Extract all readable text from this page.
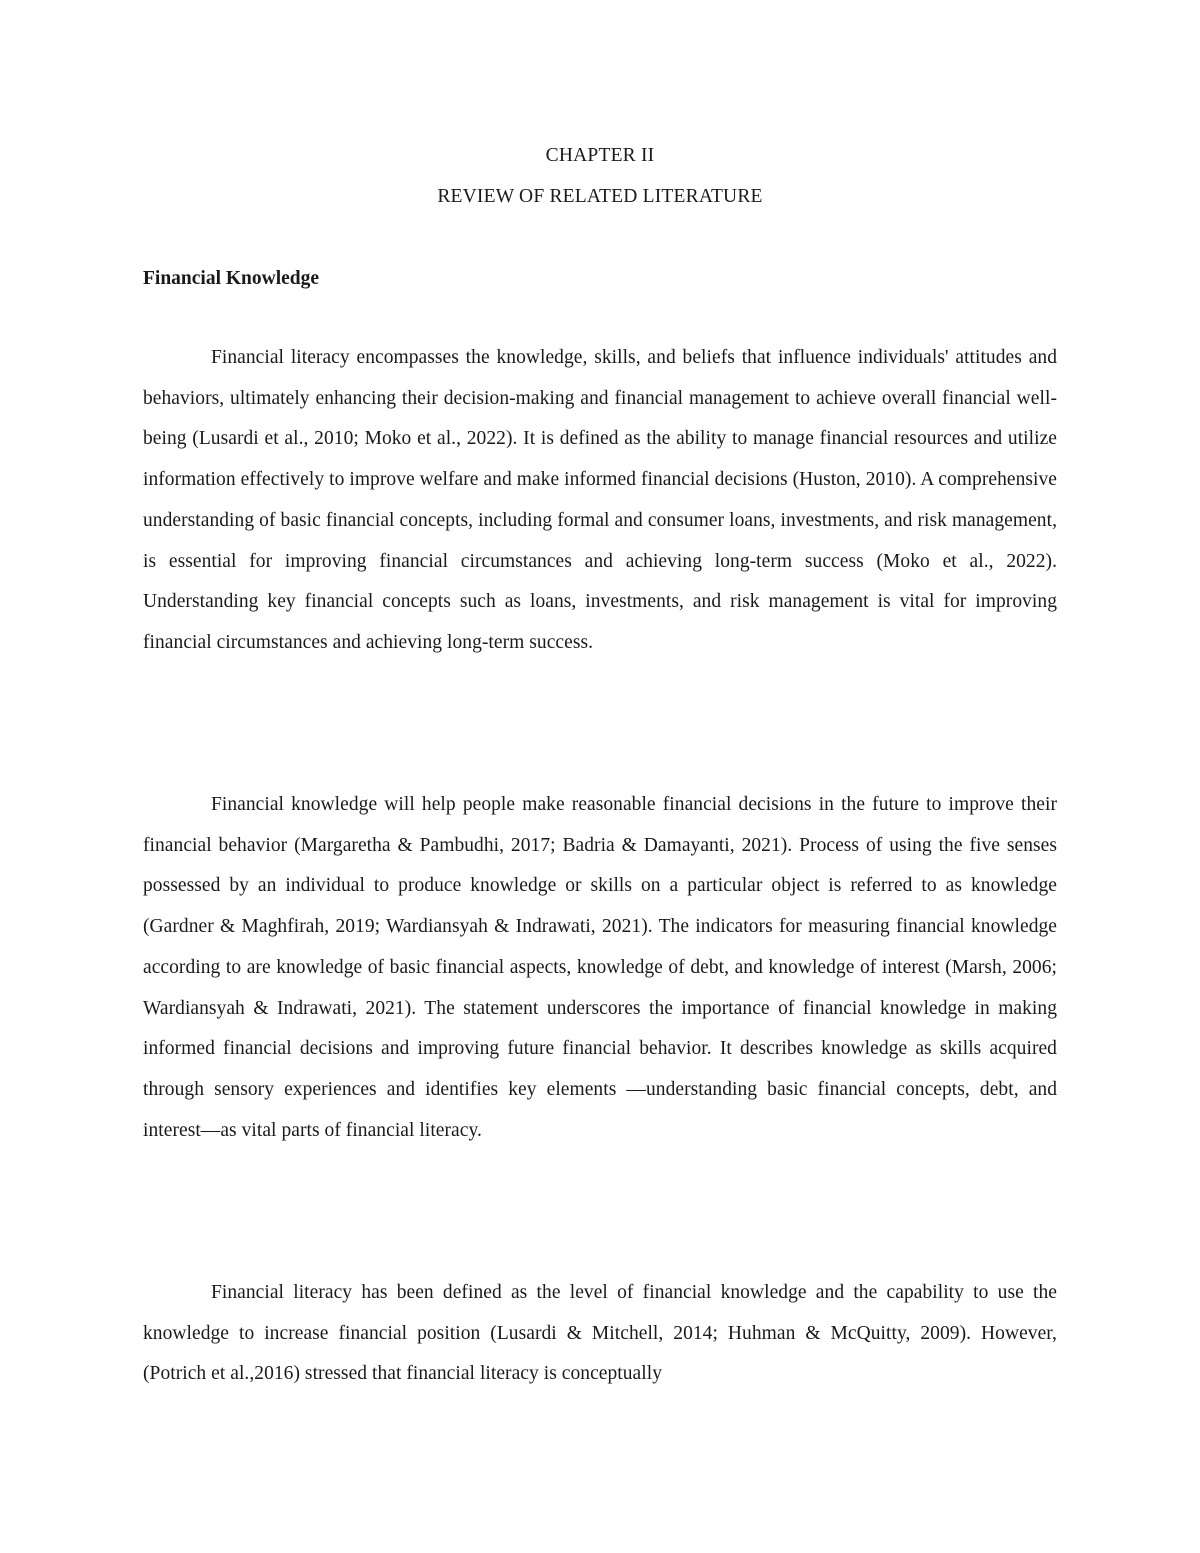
CHAPTER II
REVIEW OF RELATED LITERATURE
Financial Knowledge

Financial literacy encompasses the knowledge, skills, and beliefs that influence individuals' attitudes and behaviors, ultimately enhancing their decision-making and financial management to achieve overall financial well-being (Lusardi et al., 2010; Moko et al., 2022). It is defined as the ability to manage financial resources and utilize information effectively to improve welfare and make informed financial decisions (Huston, 2010). A comprehensive understanding of basic financial concepts, including formal and consumer loans, investments, and risk management, is essential for improving financial circumstances and achieving long-term success (Moko et al., 2022). Understanding key financial concepts such as loans, investments, and risk management is vital for improving financial circumstances and achieving long-term success.

Financial knowledge will help people make reasonable financial decisions in the future to improve their financial behavior (Margaretha & Pambudhi, 2017; Badria & Damayanti, 2021). Process of using the five senses possessed by an individual to produce knowledge or skills on a particular object is referred to as knowledge (Gardner & Maghfirah, 2019; Wardiansyah & Indrawati, 2021). The indicators for measuring financial knowledge according to are knowledge of basic financial aspects, knowledge of debt, and knowledge of interest (Marsh, 2006; Wardiansyah & Indrawati, 2021). The statement underscores the importance of financial knowledge in making informed financial decisions and improving future financial behavior. It describes knowledge as skills acquired through sensory experiences and identifies key elements —understanding basic financial concepts, debt, and interest—as vital parts of financial literacy.

Financial literacy has been defined as the level of financial knowledge and the capability to use the knowledge to increase financial position (Lusardi & Mitchell, 2014; Huhman & McQuitty, 2009). However, (Potrich et al.,2016) stressed that financial literacy is conceptually
